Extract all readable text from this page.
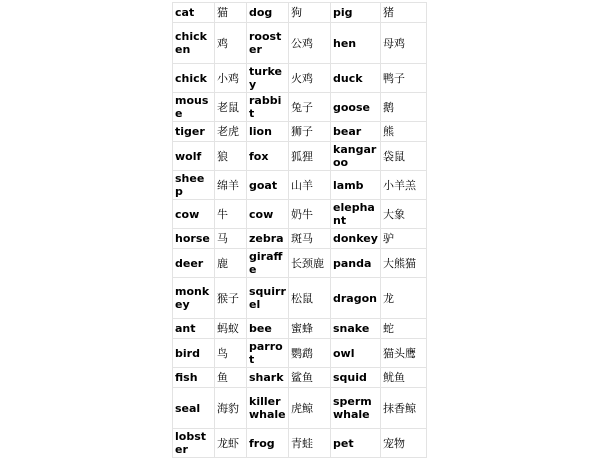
cat	猫	dog	狗	pig	猪
chicken	鸡	rooster	公鸡	hen	母鸡
chick	小鸡	turkey	火鸡	duck	鸭子
mouse	老鼠	rabbit	兔子	goose	鹅
tiger	老虎	lion	狮子	bear	熊
wolf	狼	fox	狐狸	kangaroo	袋鼠
sheep	绵羊	goat	山羊	lamb	小羊羔
cow	牛	cow	奶牛	elephant	大象
horse	马	zebra	斑马	donkey	驴
deer	鹿	giraffe	长颈鹿	panda	大熊猫
monkey	猴子	squirrel	松鼠	dragon	龙
ant	蚂蚁	bee	蜜蜂	snake	蛇
bird	鸟	parrot	鹦鹉	owl	猫头鹰
fish	鱼	shark	鲨鱼	squid	鱿鱼
seal	海豹	killer whale	虎鲸	sperm whale	抹香鲸
lobster	龙虾	frog	青蛙	pet	宠物
